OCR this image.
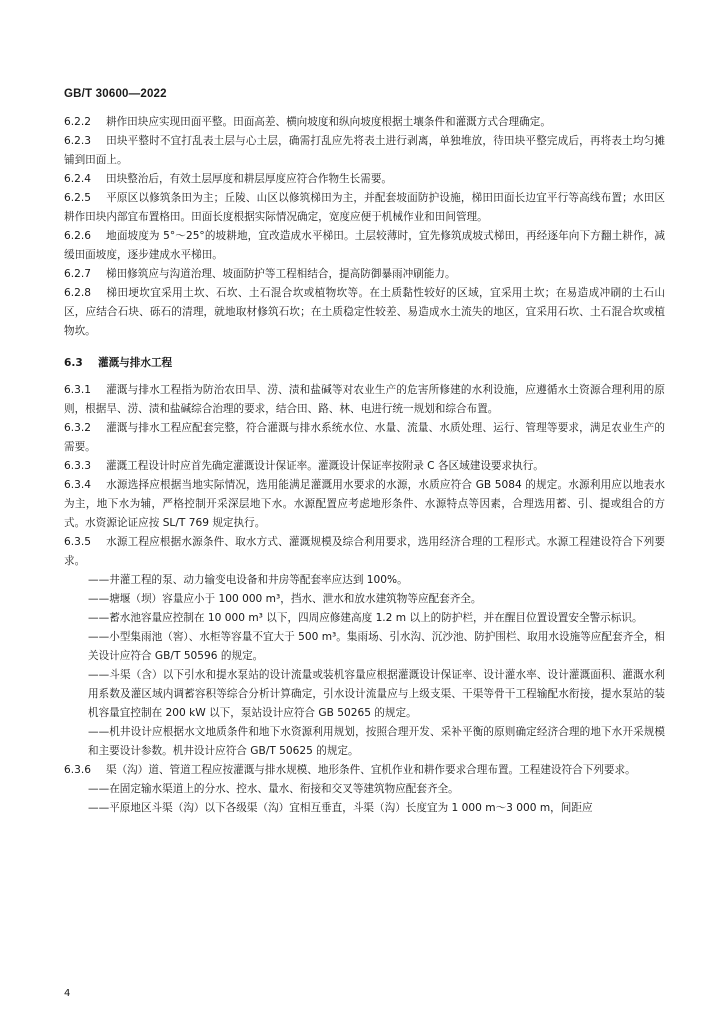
GB/T 30600—2022

6.2.2 耕作田块应实现田面平整。田面高差、横向坡度和纵向坡度根据土壤条件和灌溉方式合理确定。

6.2.3 田块平整时不宜打乱表土层与心土层，确需打乱应先将表土进行剥离，单独堆放，待田块平整完成后，再将表土均匀摊铺到田面上。

6.2.4 田块整治后，有效土层厚度和耕层厚度应符合作物生长需要。

6.2.5 平原区以修筑条田为主；丘陵、山区以修筑梯田为主，并配套坡面防护设施，梯田田面长边宜平行等高线布置；水田区耕作田块内部宜布置格田。田面长度根据实际情况确定，宽度应便于机械作业和田间管理。

6.2.6 地面坡度为 5°～25°的坡耕地，宜改造成水平梯田。土层较薄时，宜先修筑成坡式梯田，再经逐年向下方翻土耕作，减缓田面坡度，逐步建成水平梯田。

6.2.7 梯田修筑应与沟道治理、坡面防护等工程相结合，提高防御暴雨冲刷能力。

6.2.8 梯田埂坎宜采用土坎、石坎、土石混合坎或植物坎等。在土质黏性较好的区域，宜采用土坎；在易造成冲刷的土石山区，应结合石块、砾石的清理，就地取材修筑石坎；在土质稳定性较差、易造成水土流失的地区，宜采用石坎、土石混合坎或植物坎。

6.3 灌溉与排水工程

6.3.1 灌溉与排水工程指为防治农田旱、涝、渍和盐碱等对农业生产的危害所修建的水利设施，应遵循水土资源合理利用的原则，根据旱、涝、渍和盐碱综合治理的要求，结合田、路、林、电进行统一规划和综合布置。

6.3.2 灌溉与排水工程应配套完整，符合灌溉与排水系统水位、水量、流量、水质处理、运行、管理等要求，满足农业生产的需要。

6.3.3 灌溉工程设计时应首先确定灌溉设计保证率。灌溉设计保证率按附录 C 各区域建设要求执行。

6.3.4 水源选择应根据当地实际情况，选用能满足灌溉用水要求的水源，水质应符合 GB 5084 的规定。水源利用应以地表水为主，地下水为辅，严格控制开采深层地下水。水源配置应考虑地形条件、水源特点等因素，合理选用蓄、引、提或组合的方式。水资源论证应按 SL/T 769 规定执行。

6.3.5 水源工程应根据水源条件、取水方式、灌溉规模及综合利用要求，选用经济合理的工程形式。水源工程建设符合下列要求。

——井灌工程的泵、动力输变电设备和井房等配套率应达到 100%。

——塘堰（坝）容量应小于 100 000 m³，挡水、泄水和放水建筑物等应配套齐全。

——蓄水池容量应控制在 10 000 m³ 以下，四周应修建高度 1.2 m 以上的防护栏，并在醒目位置设置安全警示标识。

——小型集雨池（窖）、水柜等容量不宜大于 500 m³。集雨场、引水沟、沉沙池、防护围栏、取用水设施等应配套齐全，相关设计应符合 GB/T 50596 的规定。

——斗渠（含）以下引水和提水泵站的设计流量或装机容量应根据灌溉设计保证率、设计灌水率、设计灌溉面积、灌溉水利用系数及灌区域内调蓄容积等综合分析计算确定，引水设计流量应与上级支渠、干渠等骨干工程输配水衔接，提水泵站的装机容量宜控制在 200 kW 以下，泵站设计应符合 GB 50265 的规定。

——机井设计应根据水文地质条件和地下水资源利用规划，按照合理开发、采补平衡的原则确定经济合理的地下水开采规模和主要设计参数。机井设计应符合 GB/T 50625 的规定。

6.3.6 渠（沟）道、管道工程应按灌溉与排水规模、地形条件、宜机作业和耕作要求合理布置。工程建设符合下列要求。

——在固定输水渠道上的分水、控水、量水、衔接和交叉等建筑物应配套齐全。

——平原地区斗渠（沟）以下各级渠（沟）宜相互垂直，斗渠（沟）长度宜为 1 000 m～3 000 m，间距应

4
